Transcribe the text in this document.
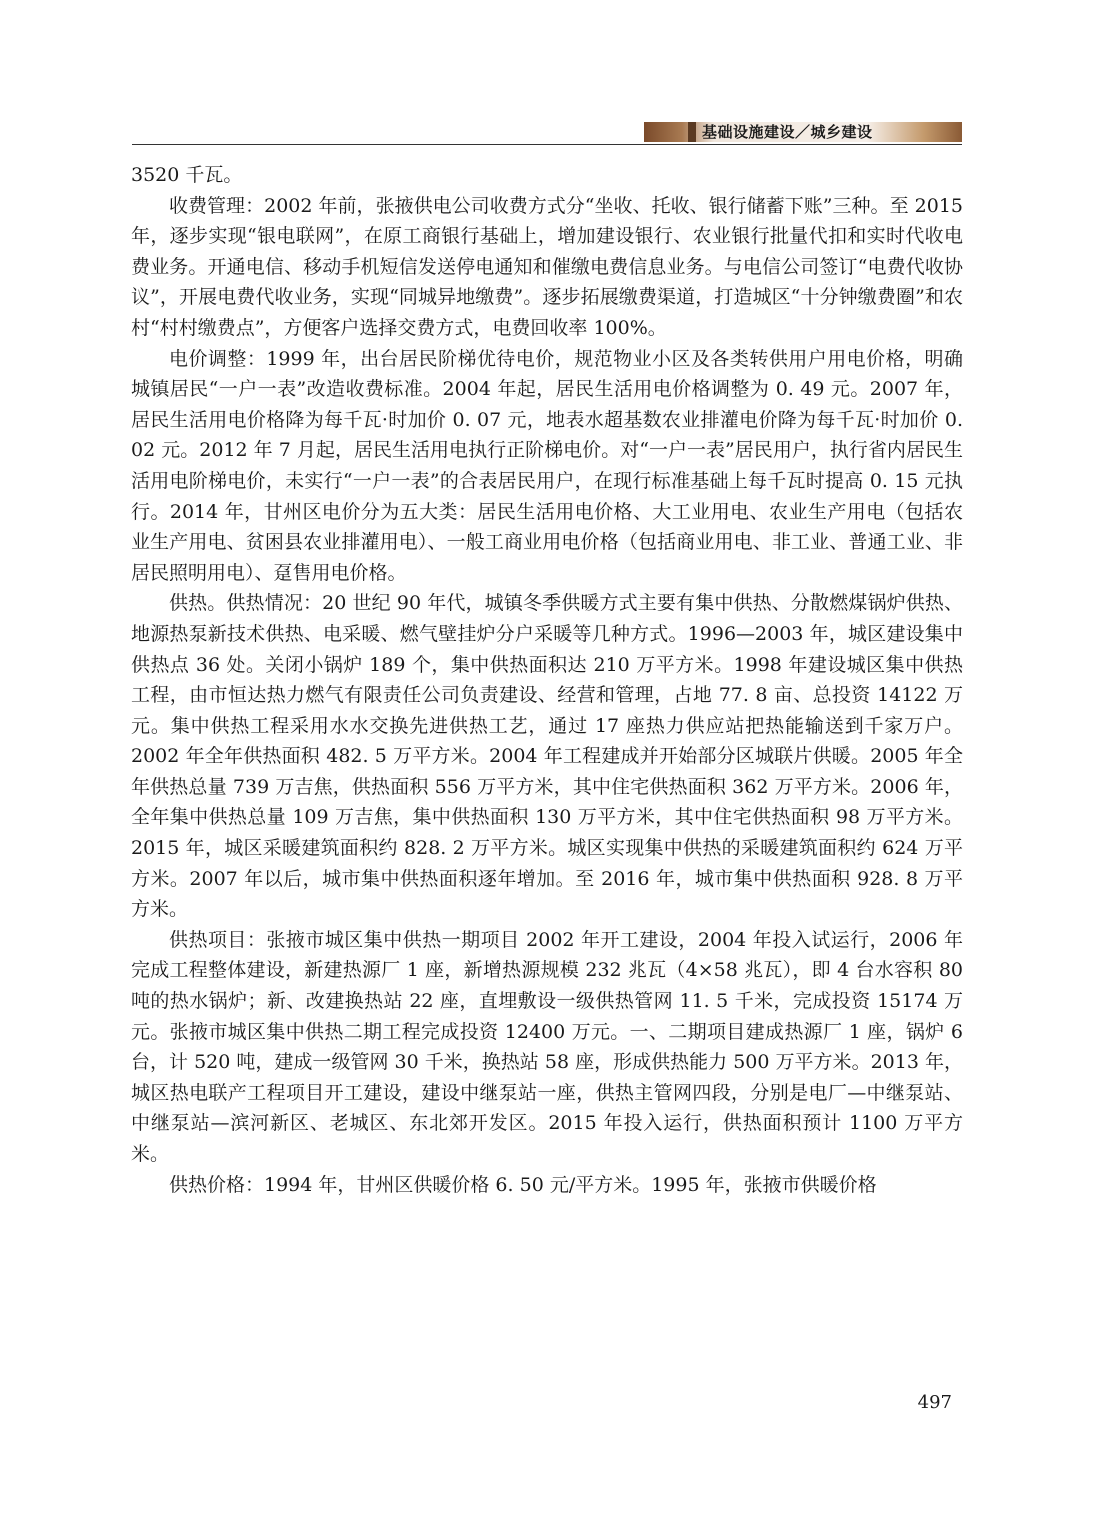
基础设施建设／城乡建设

3520 千瓦。

收费管理：2002 年前，张掖供电公司收费方式分“坐收、托收、银行储蓄下账”三种。至 2015 年，逐步实现“银电联网”，在原工商银行基础上，增加建设银行、农业银行批量代扣和实时代收电费业务。开通电信、移动手机短信发送停电通知和催缴电费信息业务。与电信公司签订“电费代收协议”，开展电费代收业务，实现“同城异地缴费”。逐步拓展缴费渠道，打造城区“十分钟缴费圈”和农村“村村缴费点”，方便客户选择交费方式，电费回收率 100%。

电价调整：1999 年，出台居民阶梯优待电价，规范物业小区及各类转供用户用电价格，明确城镇居民“一户一表”改造收费标准。2004 年起，居民生活用电价格调整为 0. 49 元。2007 年，居民生活用电价格降为每千瓦·时加价 0. 07 元，地表水超基数农业排灌电价降为每千瓦·时加价 0. 02 元。2012 年 7 月起，居民生活用电执行正阶梯电价。对“一户一表”居民用户，执行省内居民生活用电阶梯电价，未实行“一户一表”的合表居民用户，在现行标准基础上每千瓦时提高 0. 15 元执行。2014 年，甘州区电价分为五大类：居民生活用电价格、大工业用电、农业生产用电（包括农业生产用电、贫困县农业排灌用电）、一般工商业用电价格（包括商业用电、非工业、普通工业、非居民照明用电）、趸售用电价格。

供热。供热情况：20 世纪 90 年代，城镇冬季供暖方式主要有集中供热、分散燃煤锅炉供热、地源热泵新技术供热、电采暖、燃气壁挂炉分户采暖等几种方式。1996—2003 年，城区建设集中供热点 36 处。关闭小锅炉 189 个，集中供热面积达 210 万平方米。1998 年建设城区集中供热工程，由市恒达热力燃气有限责任公司负责建设、经营和管理，占地 77. 8 亩、总投资 14122 万元。集中供热工程采用水水交换先进供热工艺，通过 17 座热力供应站把热能输送到千家万户。2002 年全年供热面积 482. 5 万平方米。2004 年工程建成并开始部分区城联片供暖。2005 年全年供热总量 739 万吉焦，供热面积 556 万平方米，其中住宅供热面积 362 万平方米。2006 年，全年集中供热总量 109 万吉焦，集中供热面积 130 万平方米，其中住宅供热面积 98 万平方米。2015 年，城区采暖建筑面积约 828. 2 万平方米。城区实现集中供热的采暖建筑面积约 624 万平方米。2007 年以后，城市集中供热面积逐年增加。至 2016 年，城市集中供热面积 928. 8 万平方米。

供热项目：张掖市城区集中供热一期项目 2002 年开工建设，2004 年投入试运行，2006 年完成工程整体建设，新建热源厂 1 座，新增热源规模 232 兆瓦（4×58 兆瓦），即 4 台水容积 80 吨的热水锅炉；新、改建换热站 22 座，直埋敷设一级供热管网 11. 5 千米，完成投资 15174 万元。张掖市城区集中供热二期工程完成投资 12400 万元。一、二期项目建成热源厂 1 座，锅炉 6 台，计 520 吨，建成一级管网 30 千米，换热站 58 座，形成供热能力 500 万平方米。2013 年，城区热电联产工程项目开工建设，建设中继泵站一座，供热主管网四段，分别是电厂—中继泵站、中继泵站—滨河新区、老城区、东北郊开发区。2015 年投入运行，供热面积预计 1100 万平方米。

供热价格：1994 年，甘州区供暖价格 6. 50 元/平方米。1995 年，张掖市供暖价格

497
